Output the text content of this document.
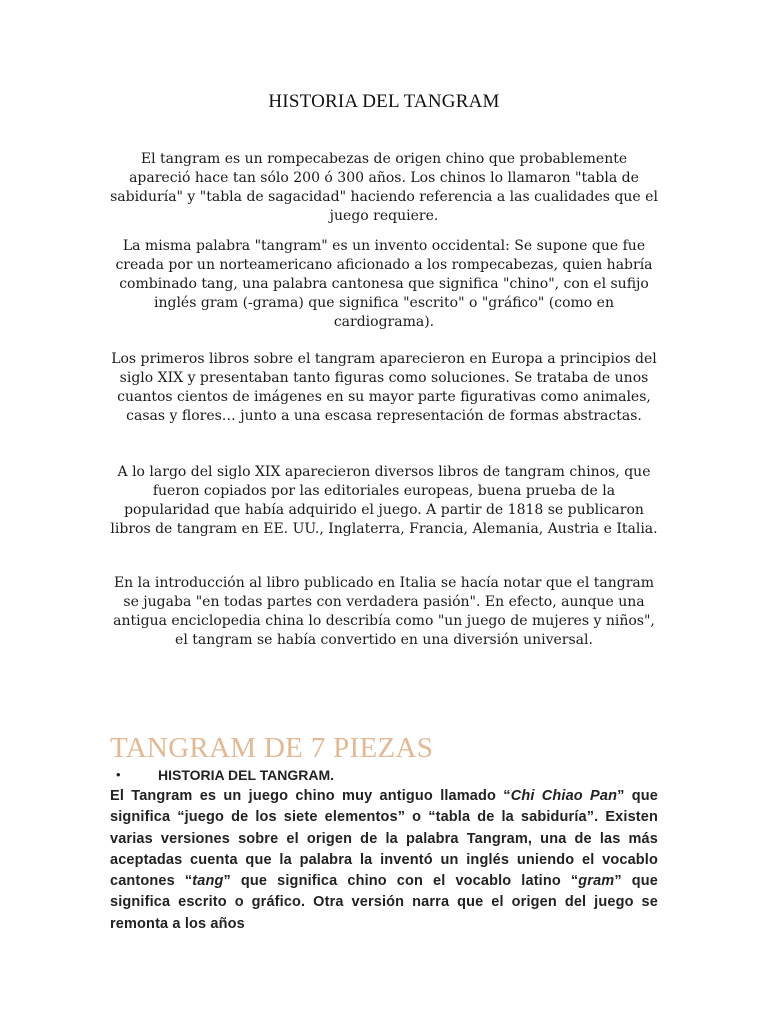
HISTORIA DEL TANGRAM

El tangram es un rompecabezas de origen chino que probablemente apareció hace tan sólo 200 ó 300 años. Los chinos lo llamaron "tabla de sabiduría" y "tabla de sagacidad" haciendo referencia a las cualidades que el juego requiere.

La misma palabra "tangram" es un invento occidental: Se supone que fue creada por un norteamericano aficionado a los rompecabezas, quien habría combinado tang, una palabra cantonesa que significa "chino", con el sufijo inglés gram (-grama) que significa "escrito" o "gráfico" (como en cardiograma).

Los primeros libros sobre el tangram aparecieron en Europa a principios del siglo XIX y presentaban tanto figuras como soluciones. Se trataba de unos cuantos cientos de imágenes en su mayor parte figurativas como animales, casas y flores… junto a una escasa representación de formas abstractas.

A lo largo del siglo XIX aparecieron diversos libros de tangram chinos, que fueron copiados por las editoriales europeas, buena prueba de la popularidad que había adquirido el juego. A partir de 1818 se publicaron libros de tangram en EE. UU., Inglaterra, Francia, Alemania, Austria e Italia.

En la introducción al libro publicado en Italia se hacía notar que el tangram se jugaba "en todas partes con verdadera pasión". En efecto, aunque una antigua enciclopedia china lo describía como "un juego de mujeres y niños", el tangram se había convertido en una diversión universal.

TANGRAM DE 7 PIEZAS
•	HISTORIA DEL TANGRAM.

El Tangram es un juego chino muy antiguo llamado “Chi Chiao Pan” que significa “juego de los siete elementos” o “tabla de la sabiduría”. Existen varias versiones sobre el origen de la palabra Tangram, una de las más aceptadas cuenta que la palabra la inventó un inglés uniendo el vocablo cantones “tang” que significa chino con el vocablo latino “gram” que significa escrito o gráfico. Otra versión narra que el origen del juego se remonta a los años
